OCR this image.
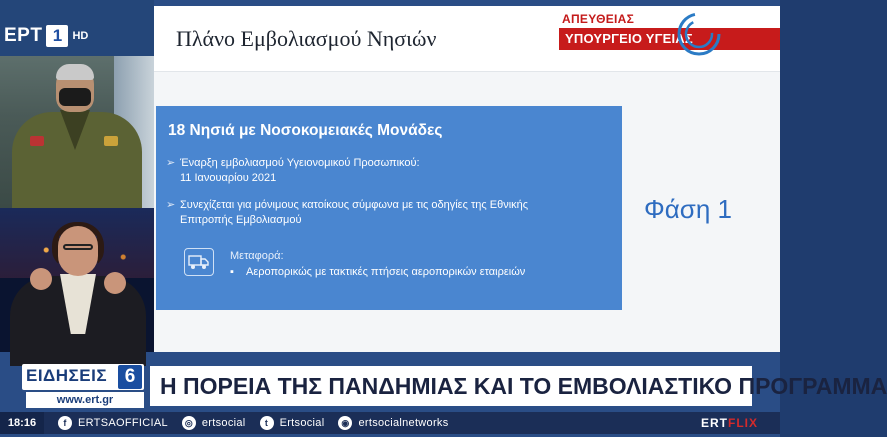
ΕΡΤ 1 HD	Πλάνο Εμβολιασμού Νησιών
ΑΠΕΥΘΕΙΑΣ
ΥΠΟΥΡΓΕΙΟ ΥΓΕΙΑΣ
18 Νησιά με Νοσοκομειακές Μονάδες
➢ Έναρξη εμβολιασμού Υγειονομικού Προσωπικού:
11 Ιανουαρίου 2021
➢ Συνεχίζεται για μόνιμους κατοίκους σύμφωνα με τις οδηγίες της Εθνικής
Επιτροπής Εμβολιασμού
Μεταφορά:
▪	Αεροπορικώς με τακτικές πτήσεις αεροπορικών εταιρειών
Φάση 1
ΕΙΔΗΣΕΙΣ 6
www.ert.gr
Η ΠΟΡΕΙΑ ΤΗΣ ΠΑΝΔΗΜΙΑΣ ΚΑΙ ΤΟ ΕΜΒΟΛΙΑΣΤΙΚΟ ΠΡΟΓΡΑΜΜΑ
18:16	f	ERTSAOFFICIAL	◎ ertsocial	t	Ertsocial	◉ ertsocialnetworks	ERTFLIX
